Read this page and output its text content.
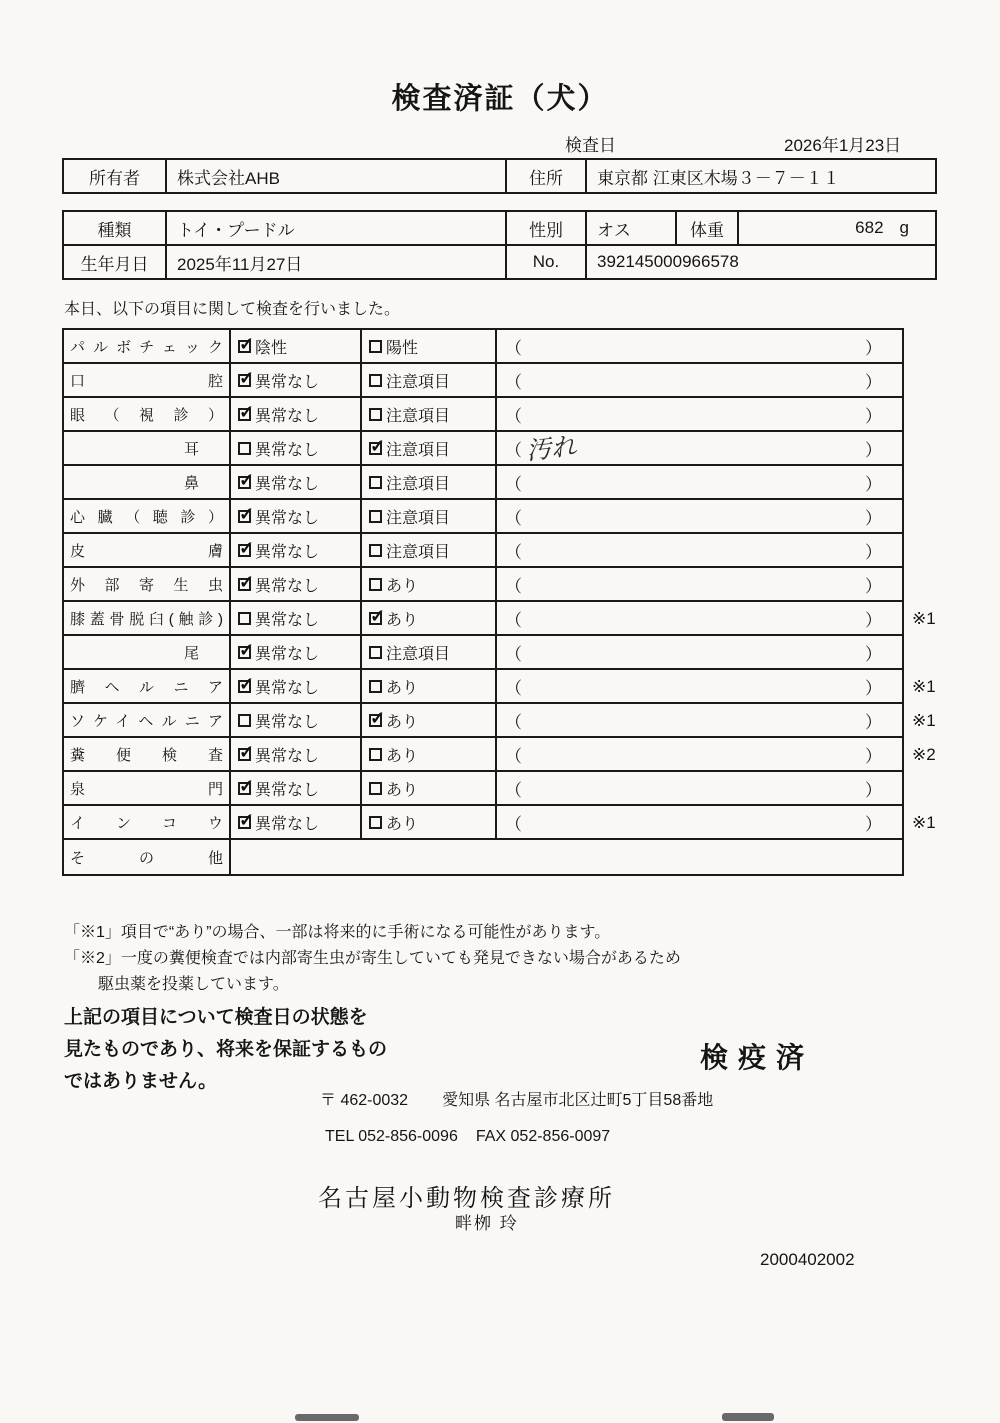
検査済証（犬）
検査日	2026年1月23日
所有者	株式会社AHB	住所	東京都 江東区木場３－７－１１
種類	トイ・プードル	性別	オス	体重	682 g
生年月日	2025年11月27日	No.	392145000966578		
本日、以下の項目に関して検査を行いました。
パルボチェック ✓ 陰性	陽性	（	）
口腔 ✓ 異常なし	注意項目	（	）
眼（視診） ✓ 異常なし	注意項目	（	）
耳	異常なし ✓	注意項目	（ 汚れ	）
鼻 ✓	異常なし	注意項目	（	）
心臓（聴診） ✓ 異常なし	注意項目	（	）
皮膚 ✓ 異常なし	注意項目	（	）
外部寄生虫 ✓ 異常なし	あり	（	）
膝蓋骨脱臼(触診) 異常なし ✓	あり	（	） ※1
尾 ✓	異常なし	注意項目	（	）
臍ヘルニア ✓ 異常なし	あり	（	） ※1
ソケイヘルニア 異常なし ✓	あり	（	） ※1
糞便検査 ✓ 異常なし	あり	（	） ※2
泉門 ✓ 異常なし	あり	（	）
インコウ ✓ 異常なし	あり	（	） ※1
その他
「※1」項目で“あり”の場合、一部は将来的に手術になる可能性があります。
「※2」一度の糞便検査では内部寄生虫が寄生していても発見できない場合があるため
駆虫薬を投薬しています。
上記の項目について検査日の状態を
見たものであり、将来を保証するもの
ではありません。
検疫済
〒 462-0032 愛知県 名古屋市北区辻町5丁目58番地
TEL 052-856-0096 FAX 052-856-0097
名古屋小動物検査診療所
畔栁 玲
2000402002
